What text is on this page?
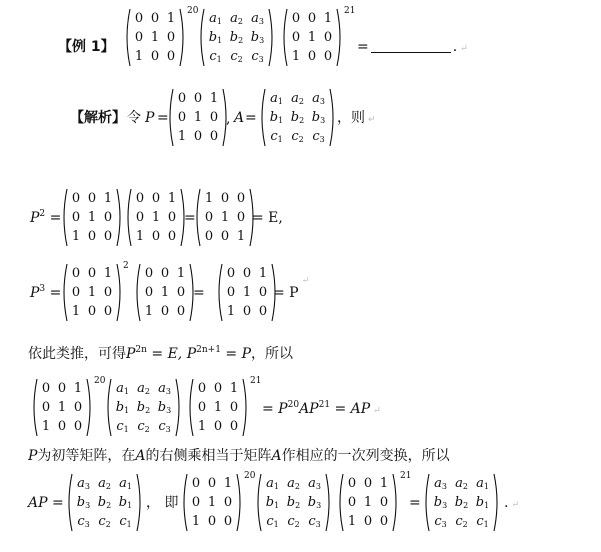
【例 1】
0 0 1
0 1 0
1 0 0
20 $a_1$ $a_2$ $a_3$
$b_1$ $b_2$ $b_3$
$c_1$ $c_2$ $c_3$
0 0 1
0 1 0
1 0 0
21
=	. ↵
【解析】 令 P =
0 0 1
0 1 0
1 0 0
, A =
$a_1$ $a_2$ $a_3$
$b_1$ $b_2$ $b_3$
$c_1$ $c_2$ $c_3$
，则 ↵
$P^2$ =
0 0 1
0 1 0
1 0 0
0 0 1
0 1 0
1 0 0
=
1 0 0
0 1 0
0 0 1
= E,
$P^3$ =
0 0 1
0 1 0
1 0 0
2 0 0 1
0 1 0
1 0 0
=
0 0 1
0 1 0
1 0 0
= P↵
依此类推，可得$P^{2n} = E$, $P^{2n+1} = P$，所以
0 0 1
0 1 0
1 0 0
20 $a_1$ $a_2$ $a_3$
$b_1$ $b_2$ $b_3$
$c_1$ $c_2$ $c_3$
0 0 1
0 1 0
1 0 0
21
= $P^{20}AP^{21}$ = AP ↵
P为初等矩阵，在A的右侧乘相当于矩阵A作相应的一次列变换，所以
AP =
$a_3$ $a_2$ $a_1$
$b_3$ $b_2$ $b_1$
$c_3$ $c_2$ $c_1$
， 即
0 0 1
0 1 0
1 0 0
20 $a_1$ $a_2$ $a_3$
$b_1$ $b_2$ $b_3$
$c_1$ $c_2$ $c_3$
0 0 1
0 1 0
1 0 0
21
=
$a_3$ $a_2$ $a_1$
$b_3$ $b_2$ $b_1$
$c_3$ $c_2$ $c_1$
. ↵
